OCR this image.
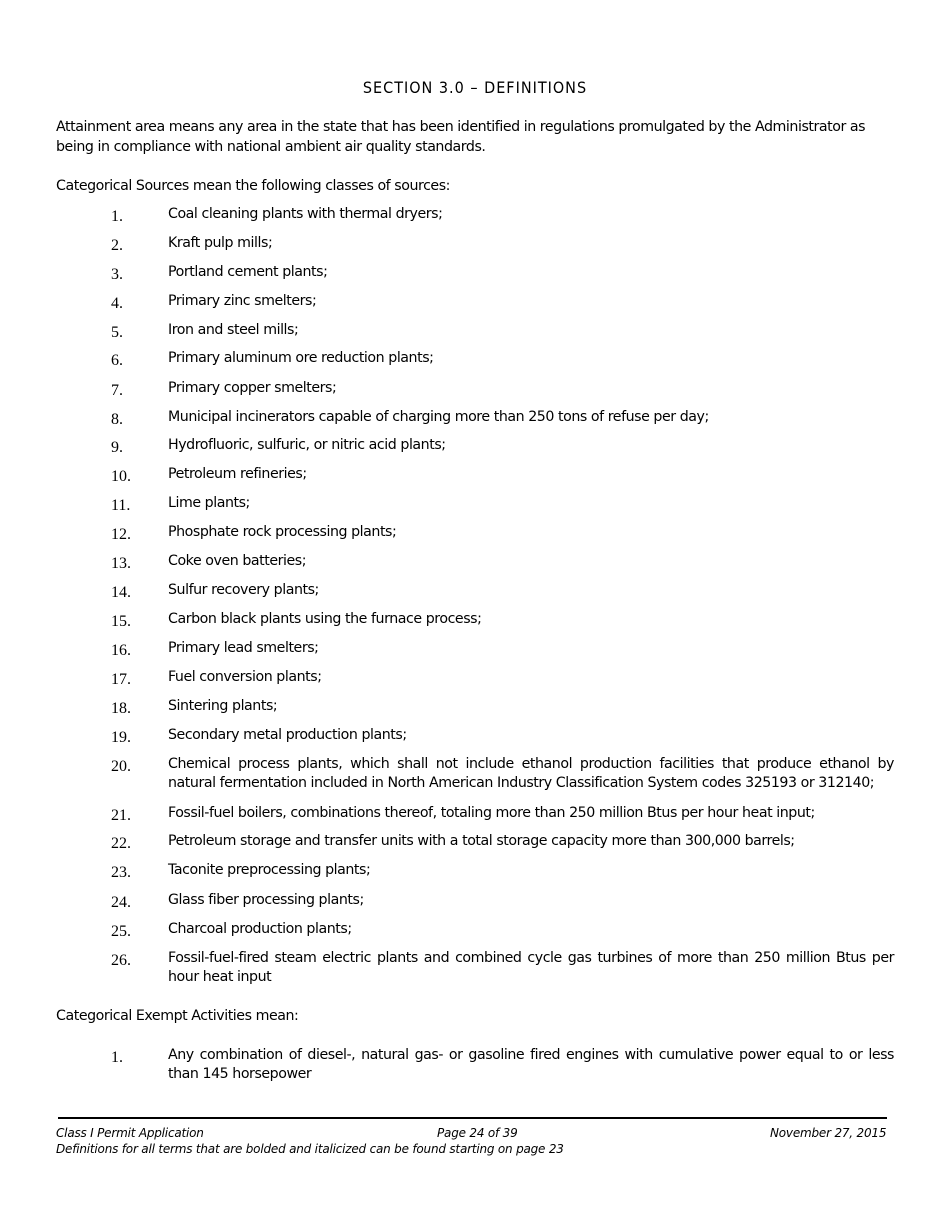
SECTION 3.0 – DEFINITIONS
Attainment area means any area in the state that has been identified in regulations promulgated by the Administrator as being in compliance with national ambient air quality standards.
Categorical Sources mean the following classes of sources:
1.	Coal cleaning plants with thermal dryers;
2.	Kraft pulp mills;
3.	Portland cement plants;
4.	Primary zinc smelters;
5.	Iron and steel mills;
6.	Primary aluminum ore reduction plants;
7.	Primary copper smelters;
8.	Municipal incinerators capable of charging more than 250 tons of refuse per day;
9.	Hydrofluoric, sulfuric, or nitric acid plants;
10.	Petroleum refineries;
11.	Lime plants;
12.	Phosphate rock processing plants;
13.	Coke oven batteries;
14.	Sulfur recovery plants;
15.	Carbon black plants using the furnace process;
16.	Primary lead smelters;
17.	Fuel conversion plants;
18.	Sintering plants;
19.	Secondary metal production plants;
20.	Chemical process plants, which shall not include ethanol production facilities that produce ethanol by natural fermentation included in North American Industry Classification System codes 325193 or 312140;
21.	Fossil-fuel boilers, combinations thereof, totaling more than 250 million Btus per hour heat input;
22.	Petroleum storage and transfer units with a total storage capacity more than 300,000 barrels;
23.	Taconite preprocessing plants;
24.	Glass fiber processing plants;
25.	Charcoal production plants;
26.	Fossil-fuel-fired steam electric plants and combined cycle gas turbines of more than 250 million Btus per hour heat input
Categorical Exempt Activities mean:
1.	Any combination of diesel-, natural gas- or gasoline fired engines with cumulative power equal to or less than 145 horsepower
Class I Permit Application	Page 24 of 39	November 27, 2015
Definitions for all terms that are bolded and italicized can be found starting on page 23
